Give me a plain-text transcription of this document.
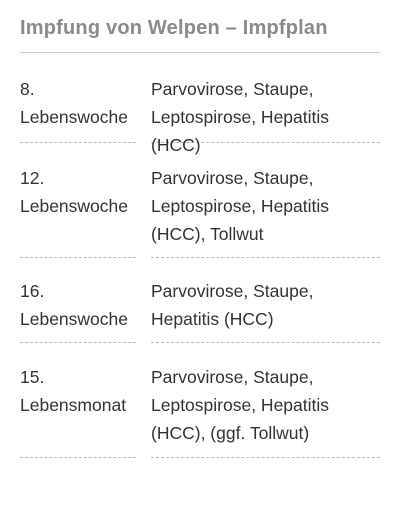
Impfung von Welpen – Impfplan
8.
Lebenswoche
Parvovirose, Staupe,
Leptospirose, Hepatitis
(HCC)
12.
Lebenswoche
Parvovirose, Staupe,
Leptospirose, Hepatitis
(HCC), Tollwut
16.
Lebenswoche
Parvovirose, Staupe,
Hepatitis (HCC)
15.
Lebensmonat
Parvovirose, Staupe,
Leptospirose, Hepatitis
(HCC), (ggf. Tollwut)
